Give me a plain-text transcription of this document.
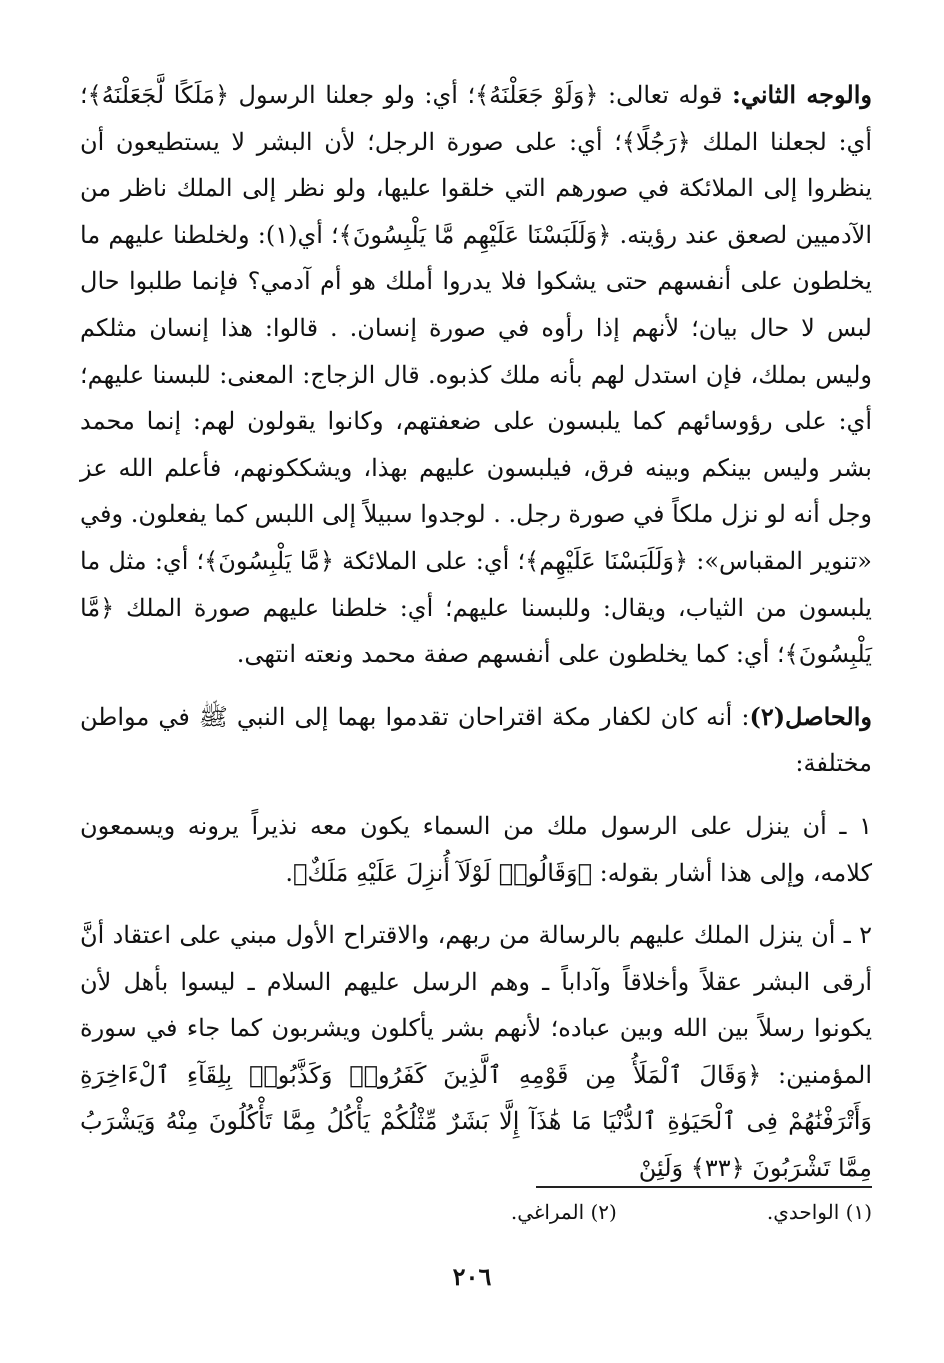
والوجه الثاني: قوله تعالى: ﴿وَلَوْ جَعَلْنَهُ﴾؛ أي: ولو جعلنا الرسول ﴿مَلَكًا لَّجَعَلْنَهُ﴾؛ أي: لجعلنا الملك ﴿رَجُلًا﴾؛ أي: على صورة الرجل؛ لأن البشر لا يستطيعون أن ينظروا إلى الملائكة في صورهم التي خلقوا عليها، ولو نظر إلى الملك ناظر من الآدميين لصعق عند رؤيته. ﴿وَلَلَبَسْنَا عَلَيْهِم مَّا يَلْبِسُونَ﴾؛ أي(١): ولخلطنا عليهم ما يخلطون على أنفسهم حتى يشكوا فلا يدروا أملك هو أم آدمي؟ فإنما طلبوا حال لبس لا حال بيان؛ لأنهم إذا رأوه في صورة إنسان. . قالوا: هذا إنسان مثلكم وليس بملك، فإن استدل لهم بأنه ملك كذبوه. قال الزجاج: المعنى: للبسنا عليهم؛ أي: على رؤوسائهم كما يلبسون على ضعفتهم، وكانوا يقولون لهم: إنما محمد بشر وليس بينكم وبينه فرق، فيلبسون عليهم بهذا، ويشككونهم، فأعلم الله عز وجل أنه لو نزل ملكاً في صورة رجل. . لوجدوا سبيلاً إلى اللبس كما يفعلون. وفي «تنوير المقباس»: ﴿وَلَلَبَسْنَا عَلَيْهِم﴾؛ أي: على الملائكة ﴿مَّا يَلْبِسُونَ﴾؛ أي: مثل ما يلبسون من الثياب، ويقال: وللبسنا عليهم؛ أي: خلطنا عليهم صورة الملك ﴿مَّا يَلْبِسُونَ﴾؛ أي: كما يخلطون على أنفسهم صفة محمد ونعته انتهى.

والحاصل(٢): أنه كان لكفار مكة اقتراحان تقدموا بهما إلى النبي ﷺ في مواطن مختلفة:

١ ـ أن ينزل على الرسول ملك من السماء يكون معه نذيراً يرونه ويسمعون كلامه، وإلى هذا أشار بقوله: ﴿وَقَالُوا۟ لَوْلَآ أُنزِلَ عَلَيْهِ مَلَكٌ﴾.

٢ ـ أن ينزل الملك عليهم بالرسالة من ربهم، والاقتراح الأول مبني على اعتقاد أنَّ أرقى البشر عقلاً وأخلاقاً وآداباً ـ وهم الرسل عليهم السلام ـ ليسوا بأهل لأن يكونوا رسلاً بين الله وبين عباده؛ لأنهم بشر يأكلون ويشربون كما جاء في سورة المؤمنين: ﴿وَقَالَ ٱلْمَلَأُ مِن قَوْمِهِ ٱلَّذِينَ كَفَرُوا۟ وَكَذَّبُوا۟ بِلِقَآءِ ٱلْءَاخِرَةِ وَأَتْرَفْنَٰهُمْ فِى ٱلْحَيَوٰةِ ٱلدُّنْيَا مَا هَٰذَآ إِلَّا بَشَرٌ مِّثْلُكُمْ يَأْكُلُ مِمَّا تَأْكُلُونَ مِنْهُ وَيَشْرَبُ مِمَّا تَشْرَبُونَ ﴿٣٣﴾ وَلَئِنْ

(١) الواحدي.
(٢) المراغي.
٢٠٦
